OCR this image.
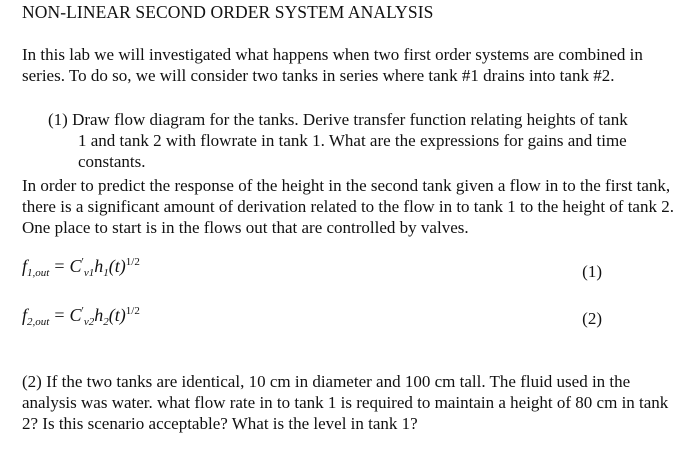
NON-LINEAR SECOND ORDER SYSTEM ANALYSIS
In this lab we will investigated what happens when two first order systems are combined in series. To do so, we will consider two tanks in series where tank #1 drains into tank #2.
(1) Draw flow diagram for the tanks. Derive transfer function relating heights of tank
1 and tank 2 with flowrate in tank 1. What are the expressions for gains and time constants.
In order to predict the response of the height in the second tank given a flow in to the first tank, there is a significant amount of derivation related to the flow in to tank 1 to the height of tank 2. One place to start is in the flows out that are controlled by valves.
$f_{1,out} = C'_{v1}h_1(t)^{1/2}$	(1)
$f_{2,out} = C'_{v2}h_2(t)^{1/2}$	(2)
(2) If the two tanks are identical, 10 cm in diameter and 100 cm tall. The fluid used in the analysis was water. what flow rate in to tank 1 is required to maintain a height of 80 cm in tank 2? Is this scenario acceptable? What is the level in tank 1?
